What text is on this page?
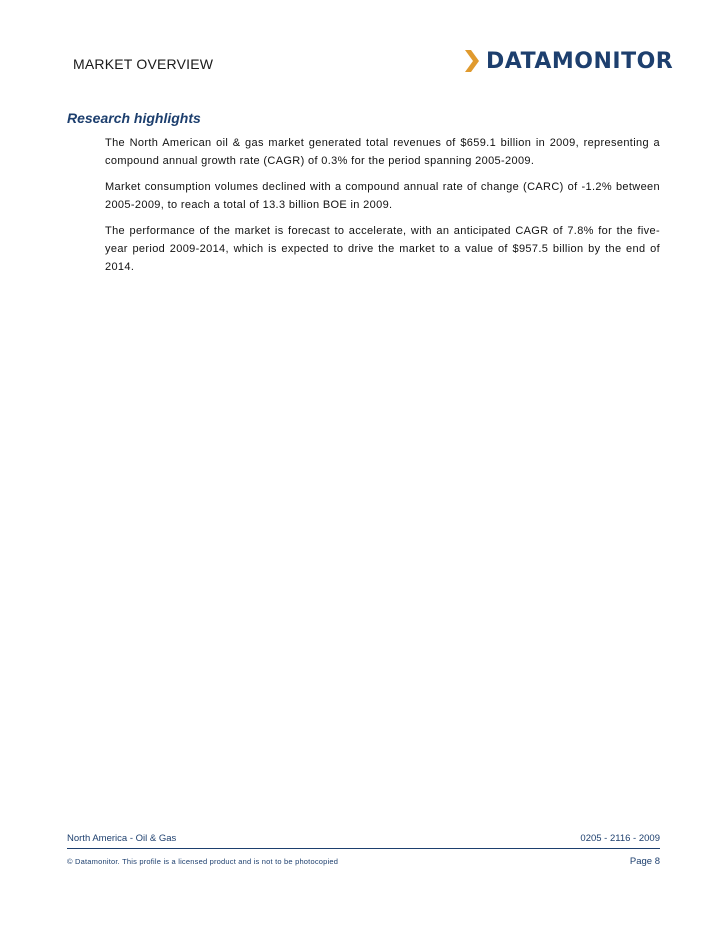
MARKET OVERVIEW	DATAMONITOR
Research highlights

The North American oil & gas market generated total revenues of $659.1 billion in 2009, representing a compound annual growth rate (CAGR) of 0.3% for the period spanning 2005-2009.

Market consumption volumes declined with a compound annual rate of change (CARC) of -1.2% between 2005-2009, to reach a total of 13.3 billion BOE in 2009.

The performance of the market is forecast to accelerate, with an anticipated CAGR of 7.8% for the five-year period 2009-2014, which is expected to drive the market to a value of $957.5 billion by the end of 2014.

North America - Oil & Gas	0205 - 2116 - 2009
© Datamonitor. This profile is a licensed product and is not to be photocopied	Page 8
